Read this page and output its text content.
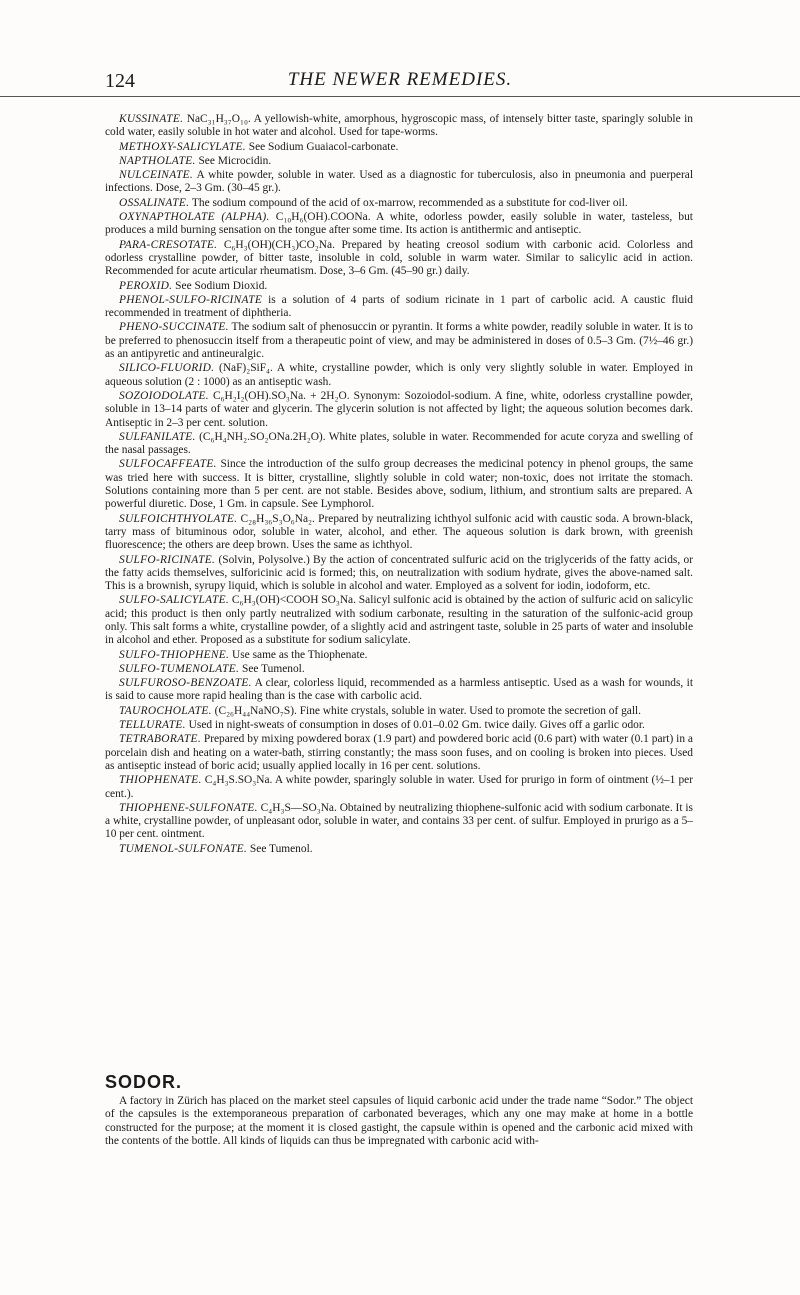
124	THE NEWER REMEDIES.

KUSSINATE. NaC₃₁H₃₇O₁₀. A yellowish-white, amorphous, hygroscopic mass, of intensely bitter taste, sparingly soluble in cold water, easily soluble in hot water and alcohol. Used for tape-worms.

METHOXY-SALICYLATE. See Sodium Guaiacol-carbonate.

NAPTHOLATE. See Microcidin.

NULCEINATE. A white powder, soluble in water. Used as a diagnostic for tuberculosis, also in pneumonia and puerperal infections. Dose, 2–3 Gm. (30–45 gr.).

OSSALINATE. The sodium compound of the acid of ox-marrow, recommended as a substitute for cod-liver oil.

OXYNAPTHOLATE (ALPHA). C₁₀H₆(OH).COONa. A white, odorless powder, easily soluble in water, tasteless, but produces a mild burning sensation on the tongue after some time. Its action is antithermic and antiseptic.

PARA-CRESOTATE. C₆H₃(OH)(CH₃)CO₂Na. Prepared by heating creosol sodium with carbonic acid. Colorless and odorless crystalline powder, of bitter taste, insoluble in cold, soluble in warm water. Similar to salicylic acid in action. Recommended for acute articular rheumatism. Dose, 3–6 Gm. (45–90 gr.) daily.

PEROXID. See Sodium Dioxid.

PHENOL-SULFO-RICINATE is a solution of 4 parts of sodium ricinate in 1 part of carbolic acid. A caustic fluid recommended in treatment of diphtheria.

PHENO-SUCCINATE. The sodium salt of phenosuccin or pyrantin. It forms a white powder, readily soluble in water. It is to be preferred to phenosuccin itself from a therapeutic point of view, and may be administered in doses of 0.5–3 Gm. (7½–46 gr.) as an antipyretic and antineuralgic.

SILICO-FLUORID. (NaF)₂SiF₄. A white, crystalline powder, which is only very slightly soluble in water. Employed in aqueous solution (2 : 1000) as an antiseptic wash.

SOZOIODOLATE. C₆H₂I₂(OH).SO₃Na. + 2H₂O. Synonym: Sozoiodol-sodium. A fine, white, odorless crystalline powder, soluble in 13–14 parts of water and glycerin. The glycerin solution is not affected by light; the aqueous solution becomes dark. Antiseptic in 2–3 per cent. solution.

SULFANILATE. (C₆H₄NH₂.SO₂ONa.2H₂O). White plates, soluble in water. Recommended for acute coryza and swelling of the nasal passages.

SULFOCAFFEATE. Since the introduction of the sulfo group decreases the medicinal potency in phenol groups, the same was tried here with success. It is bitter, crystalline, slightly soluble in cold water; non-toxic, does not irritate the stomach. Solutions containing more than 5 per cent. are not stable. Besides above, sodium, lithium, and strontium salts are prepared. A powerful diuretic. Dose, 1 Gm. in capsule. See Lymphorol.

SULFOICHTHYOLATE. C₂₈H₃₆S₃O₆Na₂. Prepared by neutralizing ichthyol sulfonic acid with caustic soda. A brown-black, tarry mass of bituminous odor, soluble in water, alcohol, and ether. The aqueous solution is dark brown, with greenish fluorescence; the others are deep brown. Uses the same as ichthyol.

SULFO-RICINATE. (Solvin, Polysolve.) By the action of concentrated sulfuric acid on the triglycerids of the fatty acids, or the fatty acids themselves, sulforicinic acid is formed; this, on neutralization with sodium hydrate, gives the above-named salt. This is a brownish, syrupy liquid, which is soluble in alcohol and water. Employed as a solvent for iodin, iodoform, etc.

SULFO-SALICYLATE. C₆H₃(OH)<COOH SO₃Na. Salicyl sulfonic acid is obtained by the action of sulfuric acid on salicylic acid; this product is then only partly neutralized with sodium carbonate, resulting in the saturation of the sulfonic-acid group only. This salt forms a white, crystalline powder, of a slightly acid and astringent taste, soluble in 25 parts of water and insoluble in alcohol and ether. Proposed as a substitute for sodium salicylate.

SULFO-THIOPHENE. Use same as the Thiophenate.

SULFO-TUMENOLATE. See Tumenol.

SULFUROSO-BENZOATE. A clear, colorless liquid, recommended as a harmless antiseptic. Used as a wash for wounds, it is said to cause more rapid healing than is the case with carbolic acid.

TAUROCHOLATE. (C₂₆H₄₄NaNO₇S). Fine white crystals, soluble in water. Used to promote the secretion of gall.

TELLURATE. Used in night-sweats of consumption in doses of 0.01–0.02 Gm. twice daily. Gives off a garlic odor.

TETRABORATE. Prepared by mixing powdered borax (1.9 part) and powdered boric acid (0.6 part) with water (0.1 part) in a porcelain dish and heating on a water-bath, stirring constantly; the mass soon fuses, and on cooling is broken into pieces. Used as antiseptic instead of boric acid; usually applied locally in 16 per cent. solutions.

THIOPHENATE. C₄H₃S.SO₃Na. A white powder, sparingly soluble in water. Used for prurigo in form of ointment (½–1 per cent.).

THIOPHENE-SULFONATE. C₄H₃S—SO₃Na. Obtained by neutralizing thiophene-sulfonic acid with sodium carbonate. It is a white, crystalline powder, of unpleasant odor, soluble in water, and contains 33 per cent. of sulfur. Employed in prurigo as a 5–10 per cent. ointment.

TUMENOL-SULFONATE. See Tumenol.

SODOR.
A factory in Zürich has placed on the market steel capsules of liquid carbonic acid under the trade name “Sodor.” The object of the capsules is the extemporaneous preparation of carbonated beverages, which any one may make at home in a bottle constructed for the purpose; at the moment it is closed gastight, the capsule within is opened and the carbonic acid mixed with the contents of the bottle. All kinds of liquids can thus be impregnated with carbonic acid with-
